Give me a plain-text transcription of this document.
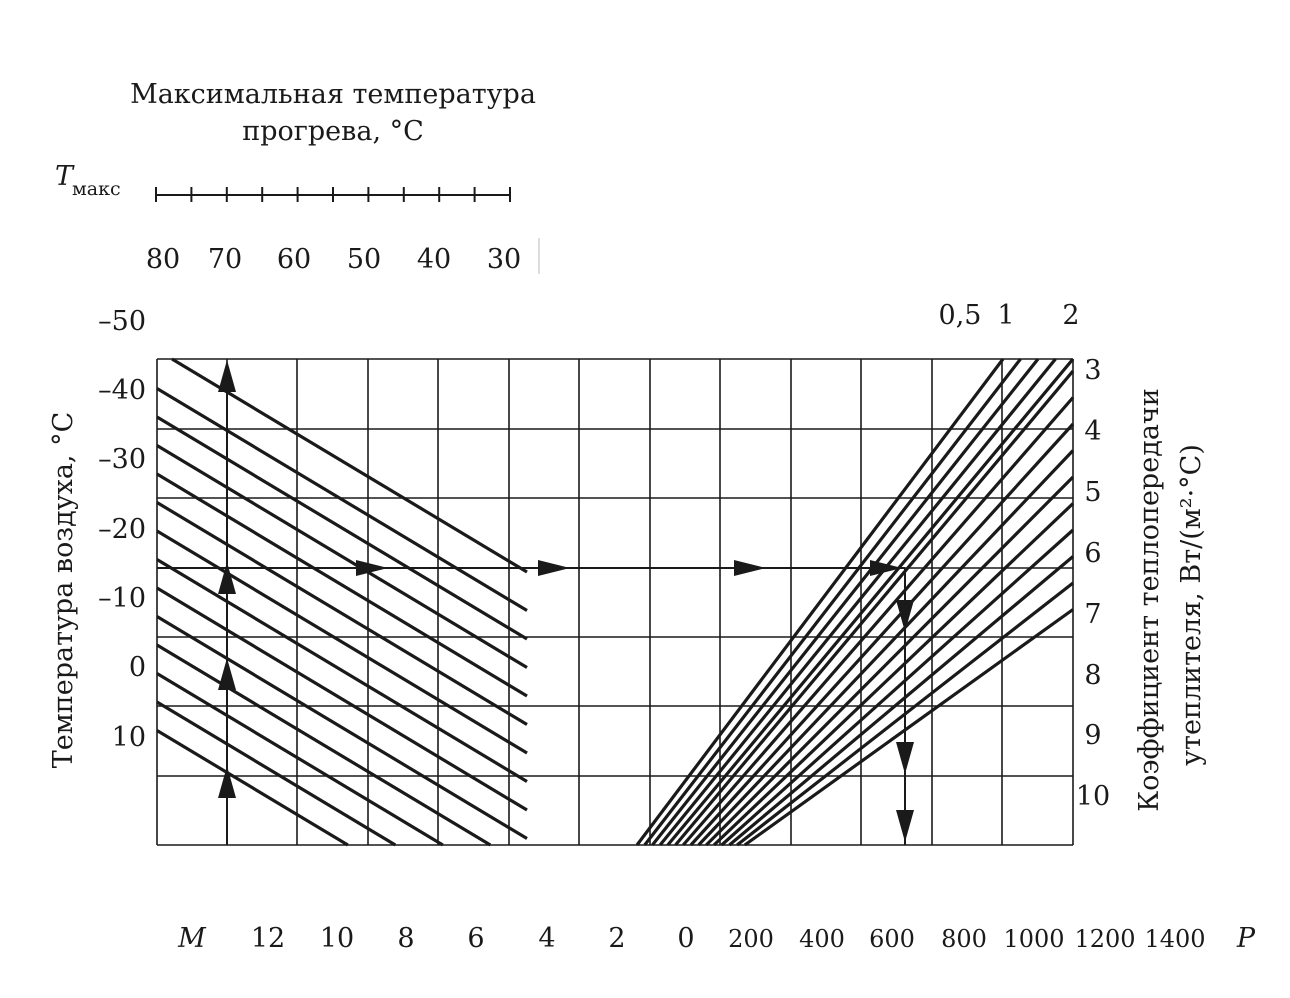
Максимальная температура
прогрева, °С
T
макс
80 70 60 50 40 30
Температура воздуха, °С	Коэффициент теплопередачи утеплителя, Вт/(м²·°С)
–50
–40
–30
–20
–10
0
10
3
4
5
6
7
8
9
10
12 10 8 6 4 2 0 200 400 600 800 1000 1200 1400
0,5 1 2
M	P
